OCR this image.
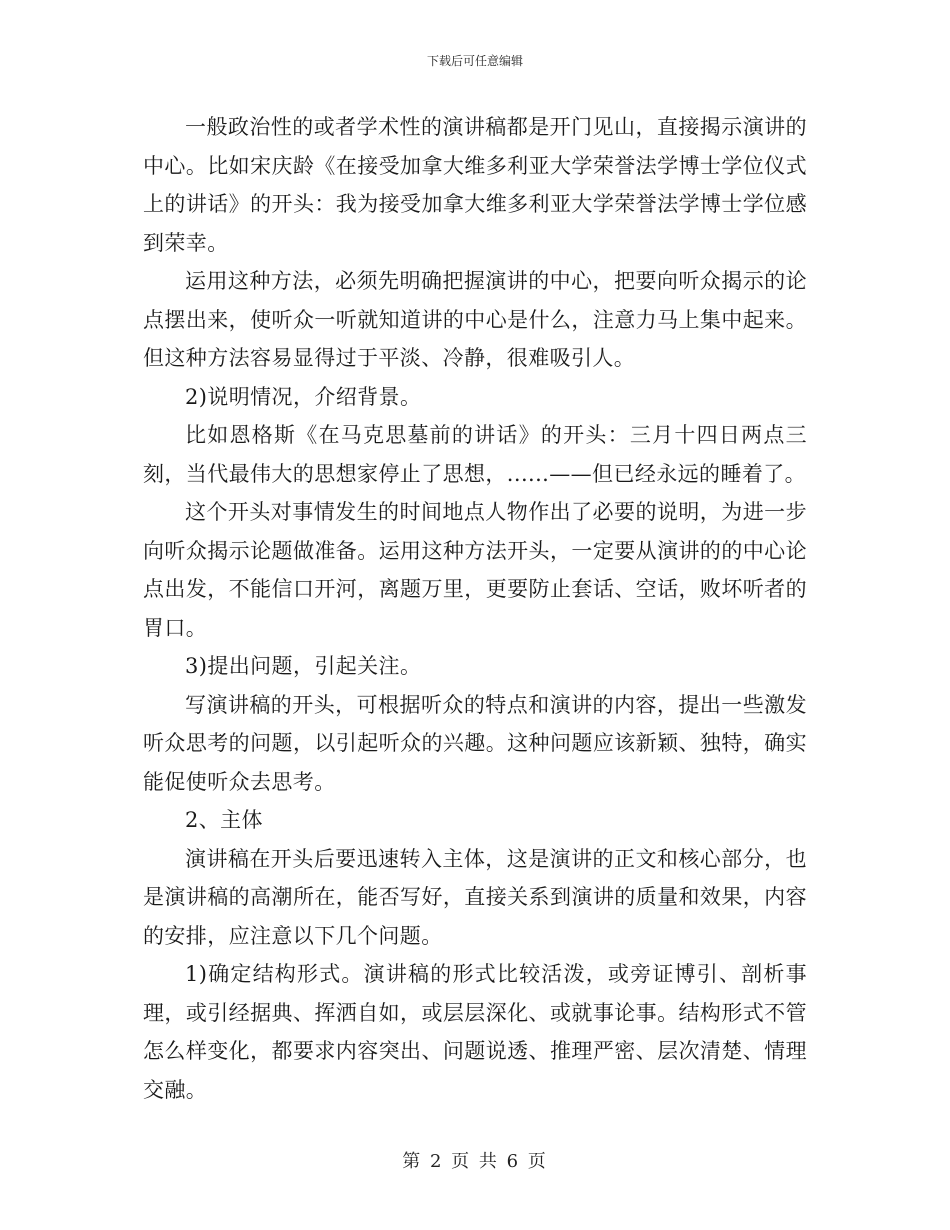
下载后可任意编辑

一般政治性的或者学术性的演讲稿都是开门见山，直接揭示演讲的中心。比如宋庆龄《在接受加拿大维多利亚大学荣誉法学博士学位仪式上的讲话》的开头：我为接受加拿大维多利亚大学荣誉法学博士学位感到荣幸。

运用这种方法，必须先明确把握演讲的中心，把要向听众揭示的论点摆出来，使听众一听就知道讲的中心是什么，注意力马上集中起来。但这种方法容易显得过于平淡、冷静，很难吸引人。

2)说明情况，介绍背景。

比如恩格斯《在马克思墓前的讲话》的开头：三月十四日两点三刻，当代最伟大的思想家停止了思想，......——但已经永远的睡着了。

这个开头对事情发生的时间地点人物作出了必要的说明，为进一步向听众揭示论题做准备。运用这种方法开头，一定要从演讲的的中心论点出发，不能信口开河，离题万里，更要防止套话、空话，败坏听者的胃口。

3)提出问题，引起关注。

写演讲稿的开头，可根据听众的特点和演讲的内容，提出一些激发听众思考的问题，以引起听众的兴趣。这种问题应该新颖、独特，确实能促使听众去思考。

2、主体

演讲稿在开头后要迅速转入主体，这是演讲的正文和核心部分，也是演讲稿的高潮所在，能否写好，直接关系到演讲的质量和效果，内容的安排，应注意以下几个问题。

1)确定结构形式。演讲稿的形式比较活泼，或旁证博引、剖析事理，或引经据典、挥洒自如，或层层深化、或就事论事。结构形式不管怎么样变化，都要求内容突出、问题说透、推理严密、层次清楚、情理交融。

第 2 页 共 6 页
